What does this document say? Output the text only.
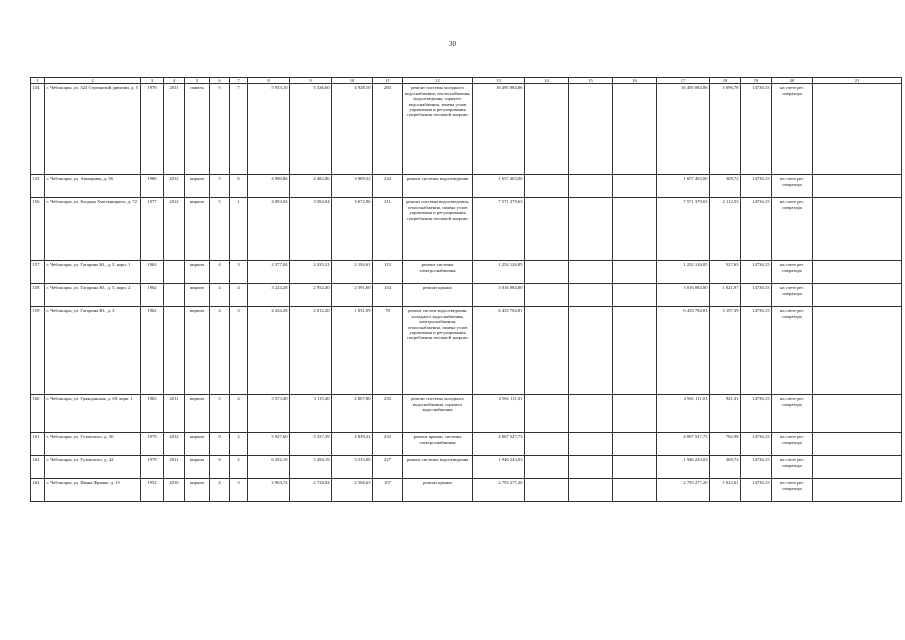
30
1	2	3	4	5	6	7	8	9	10	11	12	13	14	15	16	17	18	19	20	21
154	г. Чебоксары, ул. 324 Стрелковой дивизии, д. 5	1976	2011	панель	5	7	5 933,10	5 326,60	4 928,10	283	ремонт системы холодного водоснабжения, теплоснабжения, водоотведения, горячего водоснабжения, замена узлов управления и регулирования потребления тепловой энергии	16 495 084,86				16 495 084,86	3 096,78	14736,15	на счете рег. оператора	
155	г. Чебоксары, ул. Ашмарина, д. 56	1980	2012	кирпич	5	6	4 980,86	4 482,86	3 969,52	224	ремонт системы водоотведения	1 657 403,00				1 657 403,00	369,72	14736,15	на счете рег. оператора	
156	г. Чебоксары, ул. Богдана Хмельницкого, д. 72	1977	2012	кирпич	5	1	4 893,04	3 584,04	3 672,96	311	ремонт системы водоотведения, теплоснабжения, замена узлов управления и регулирования потребления тепловой энергии	7 571 379,63				7 571 379,63	2 112,53	14736,15	на счете рег. оператора	
157	г. Чебоксары, ул. Гагарина Ю., д. 5, корп. 1	1962		кирпич	4	3	2 377,04	2 335,21	2 194,61	113	ремонт системы электроснабжения	1 252 126,85				1 252 126,85	527,63	14736,15	на счете рег. оператора	
158	г. Чебоксары, ул. Гагарина Ю., д. 5, корп. 2	1962		кирпич	4	4	3 224,28	2 952,40	2 591,60	154	ремонт крыши	3 016 084,80				3 016 084,80	1 021,97	14736,15	на счете рег. оператора	
159	г. Чебоксары, ул. Гагарина Ю., д. 3	1962		кирпич	4	3	2 234,28	2 012,20	1 831,09	78	ремонт систем водоотведения, холодного водоснабжения, электроснабжения, теплоснабжения, замена узлов управления и регулирования потребления тепловой энергии	6 433 784,81				6 433 784,81	3 197,39	14736,15	на счете рег. оператора	
160	г. Чебоксары, ул. Гражданская, д. 69, корп. 1	1965	2011	кирпич	5	4	3 373,40	3 115,40	2 807,80	235	ремонт системы холодного водоснабжения, горячего водоснабжения	2 961 111,01				2 961 111,01	941,41	14736,15	на счете рег. оператора	
161	г. Чебоксары, ул. Гузовского, д. 30	1979	2012	кирпич	9	2	5 927,60	5 337,39	4 839,22	233	ремонт крыши, системы электроснабжения	4 067 547,75				4 067 547,75	762,98	14736,15	на счете рег. оператора	
162	г. Чебоксары, ул. Гузовского, д. 42	1979	2011	кирпич	9	2	6 292,10	5 294,19	3 533,80	227	ремонт системы водоотведения	1 946 243,03				1 946 243,03	369,72	14736,15	на счете рег. оператора	
163	г. Чебоксары, ул. Ивана Франко, д. 15	1952	2010	кирпич	4	3	2 963,74	2 728,84	2 566,63	107	ремонт крыши	2 793 277,20				2 793 277,20	1 023,61	14736,15	на счете рег. оператора	
